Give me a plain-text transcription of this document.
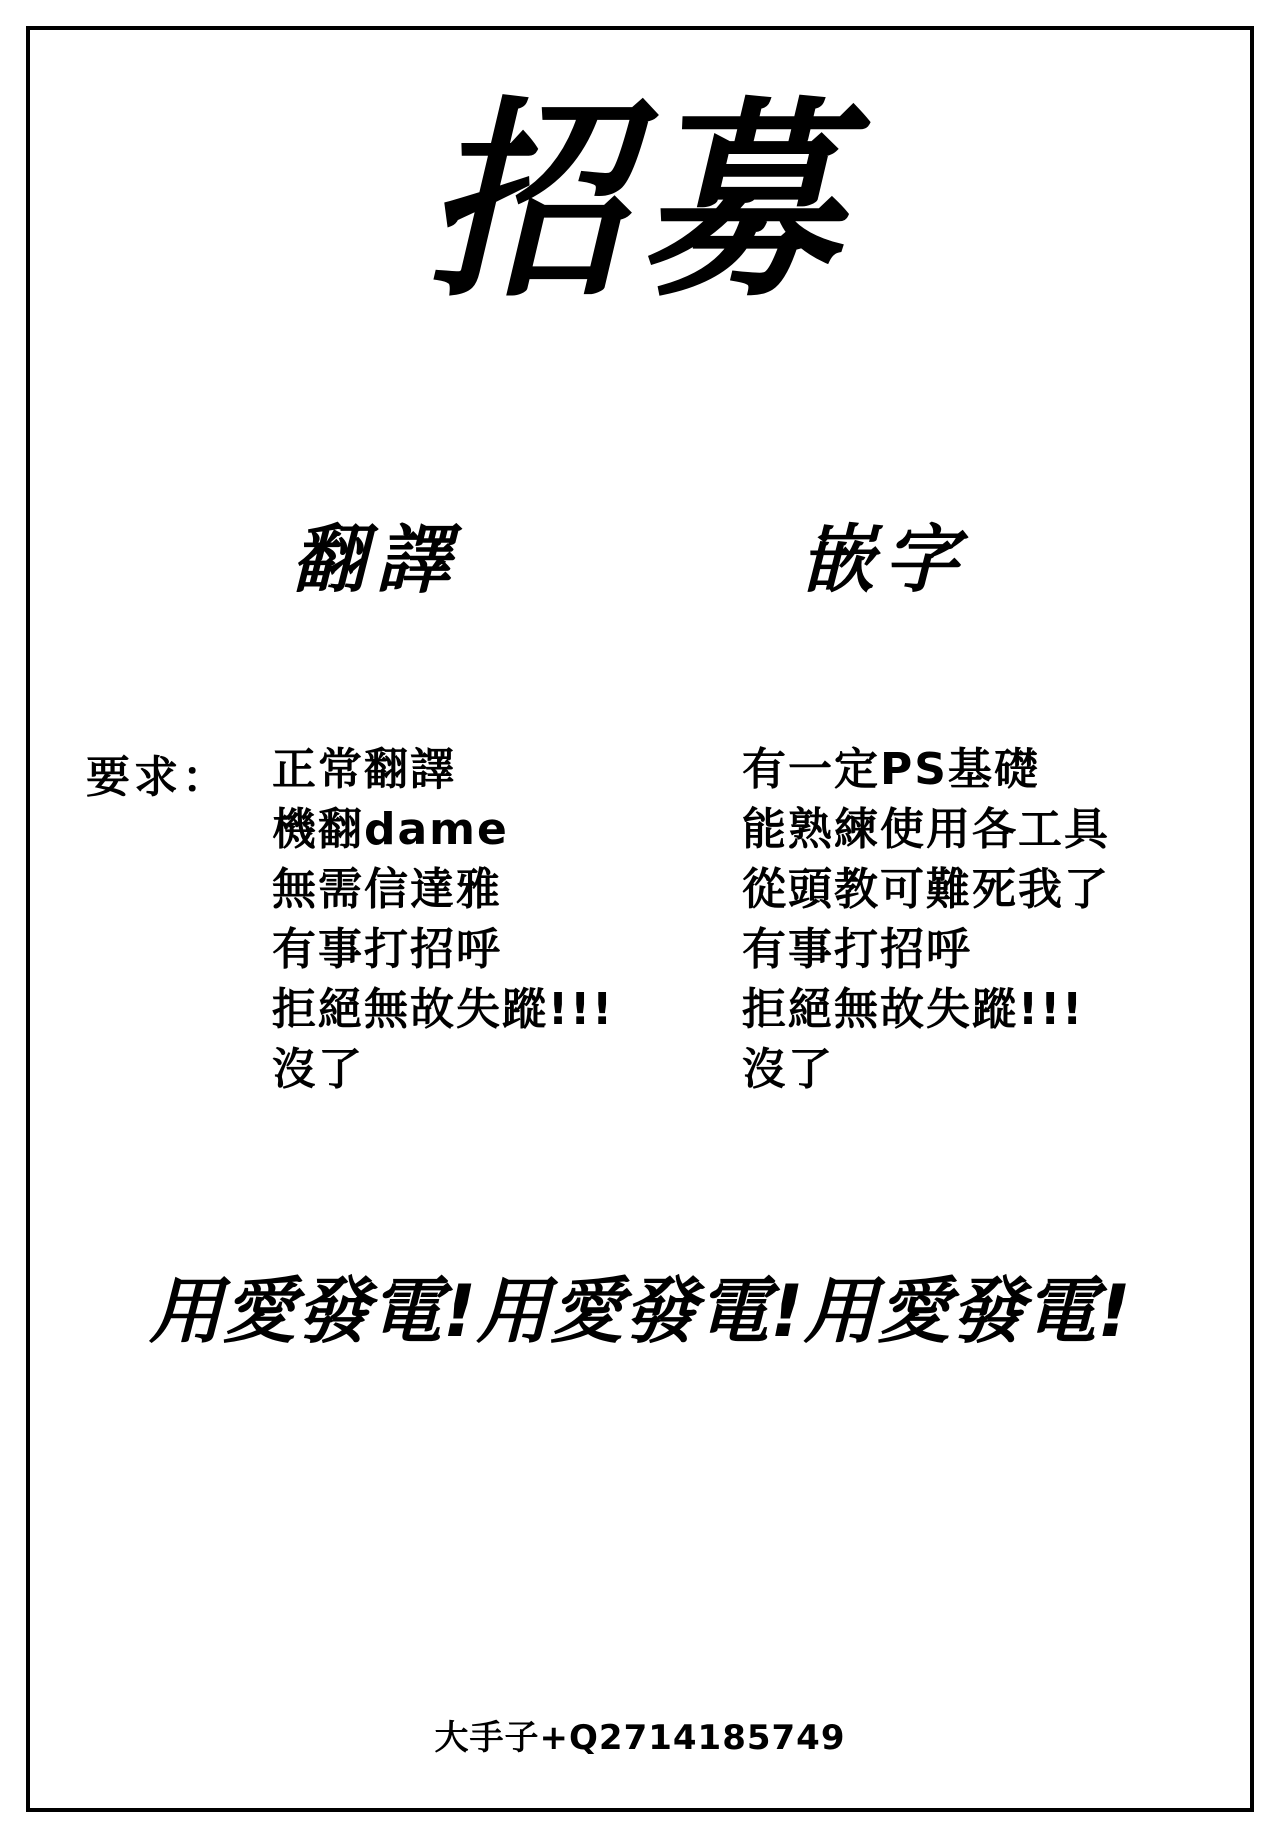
招募
翻譯	嵌字
要求： 正常翻譯
機翻dame
無需信達雅
有事打招呼
拒絕無故失蹤!!!
沒了
有一定PS基礎
能熟練使用各工具
從頭教可難死我了
有事打招呼
拒絕無故失蹤!!!
沒了
用愛發電!用愛發電!用愛發電!
大手子+Q2714185749
